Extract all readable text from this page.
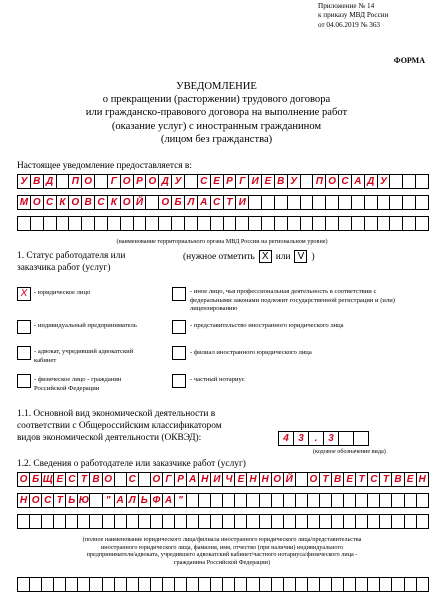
Приложение № 14
к приказу МВД России
от 04.06.2019 № 363
ФОРМА
УВЕДОМЛЕНИЕ
о прекращении (расторжении) трудового договора
или гражданско-правового договора на выполнение работ
(оказание услуг) с иностранным гражданином
(лицом без гражданства)
Настоящее уведомление предоставляется в:
У В Д	П О	Г О Р О Д У	С Е Р Г И Е В У	П О С А Д У
М О С К О В С К О Й	О Б Л А С Т И
(наименование территориального органа МВД России на региональном уровне)
1. Статус работодателя или
заказчика работ (услуг)
(нужное отметить X или V )
X	- юридическое лицо
- индивидуальный предприниматель
- адвокат, учредивший адвокатский кабинет
- физическое лицо - гражданин Российской Федерации
- иное лицо, чья профессиональная деятельность в соответствии с федеральными законами подлежит государственной регистрации и (или) лицензированию
- представительство иностранного юридического лица
- филиал иностранного юридического лица
- частный нотариус
1.1. Основной вид экономической деятельности в
соответствии с Общероссийским классификатором
видов экономической деятельности (ОКВЭД):	4 3	.	3
(кодовое обозначение вида)
1.2. Сведения о работодателе или заказчике работ (услуг)
О Б Щ Е С Т В О С О Г Р А Н И Ч Е Н Н О Й О Т В Е Т С Т В Е Н
Н О С Т Ь Ю	" А Л Ь Ф А "
(полное наименование юридического лица/филиала иностранного юридического лица/представительства
иностранного юридического лица, фамилия, имя, отчество (при наличии) индивидуального
предпринимателя/адвоката, учредившего адвокатский кабинет/частного нотариуса/физического лица -
гражданина Российской Федерации)
